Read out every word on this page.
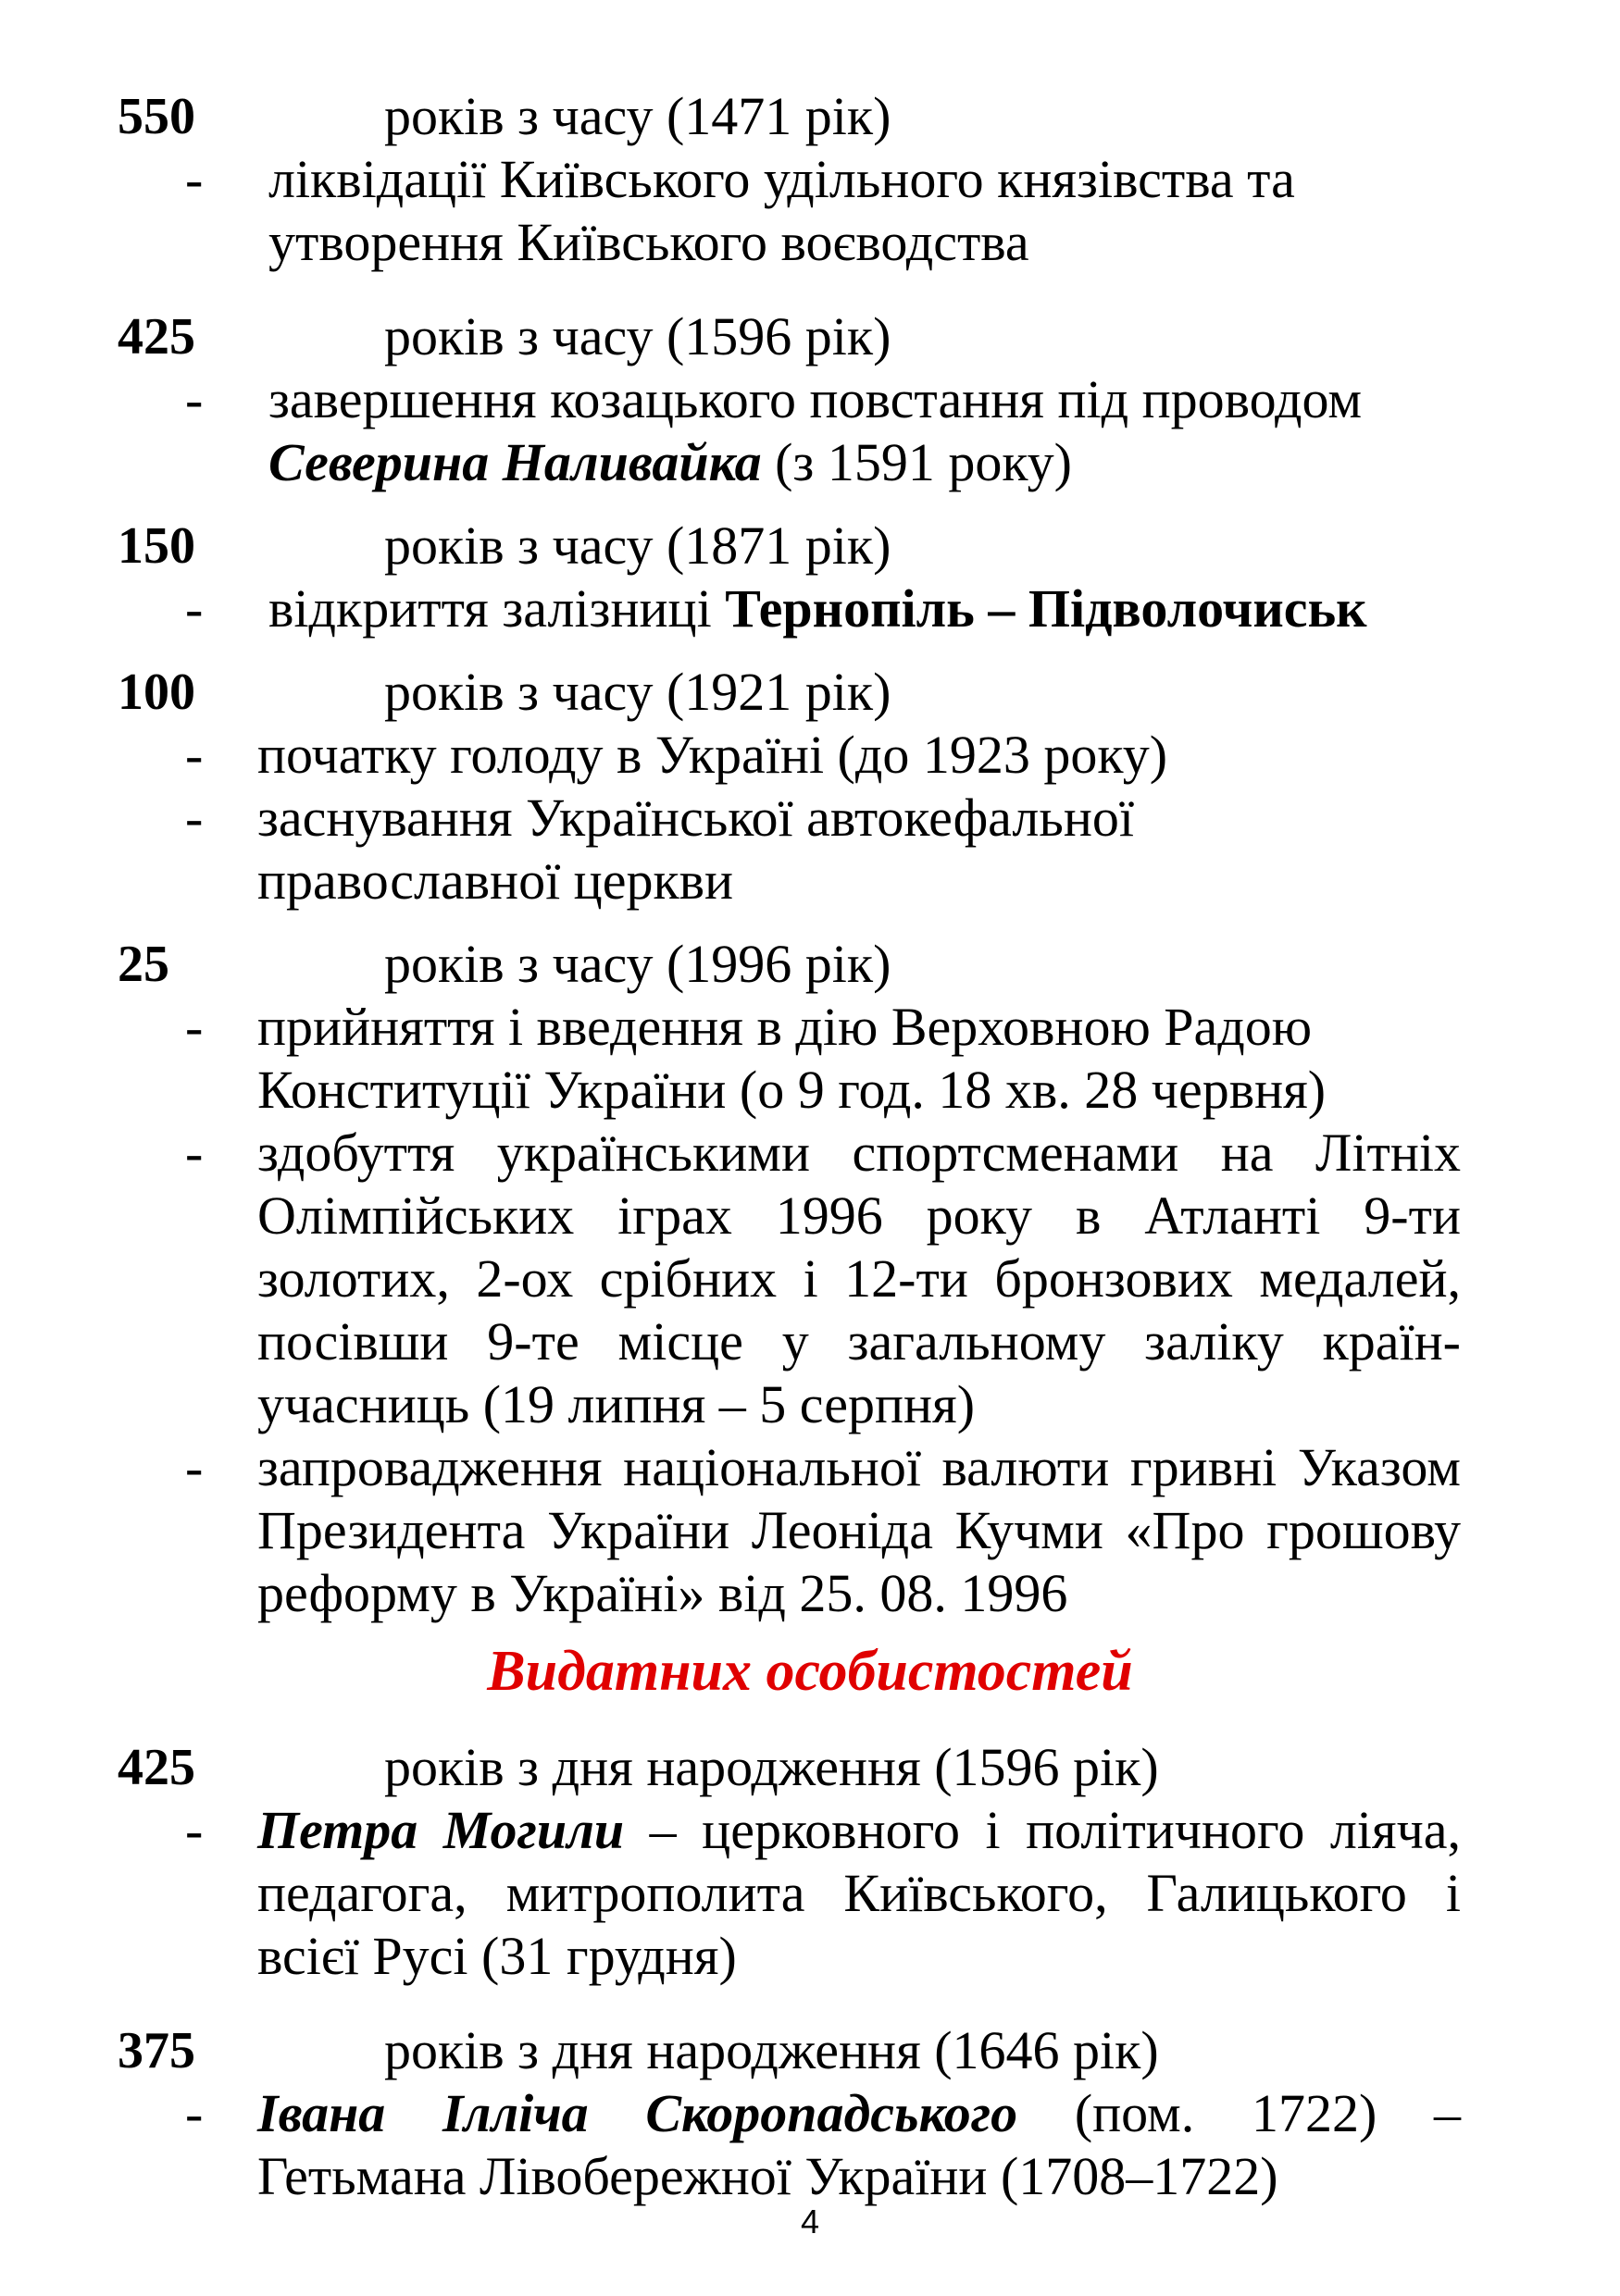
550	років з часу (1471 рік)
- ліквідації Київського удільного князівства та
утворення Київського воєводства
425	років з часу (1596 рік)
- завершення козацького повстання під проводом
Северина Наливайка (з 1591 року)
150	років з часу (1871 рік)
- відкриття залізниці Тернопіль – Підволочиськ
100	років з часу (1921 рік)
- початку голоду в Україні (до 1923 року)
- заснування Української автокефальної
православної церкви
25	років з часу (1996 рік)
- прийняття і введення в дію Верховною Радою
Конституції України (о 9 год. 18 хв. 28 червня)
- здобуття українськими спортсменами на Літніх
Олімпійських іграх 1996 року в Атланті 9-ти
золотих, 2-ох срібних і 12-ти бронзових медалей,
посівши 9-те місце у загальному заліку країн-
учасниць (19 липня – 5 серпня)
- запровадження національної валюти гривні Указом
Президента України Леоніда Кучми «Про грошову
реформу в Україні» від 25. 08. 1996
Видатних особистостей
425	років з дня народження (1596 рік)
- Петра Могили – церковного і політичного ліяча,
педагога, митрополита Київського, Галицького і
всієї Русі (31 грудня)
375	років з дня народження (1646 рік)
- Івана Ілліча Скоропадського (пом. 1722) –
Гетьмана Лівобережної України (1708–1722)
4
